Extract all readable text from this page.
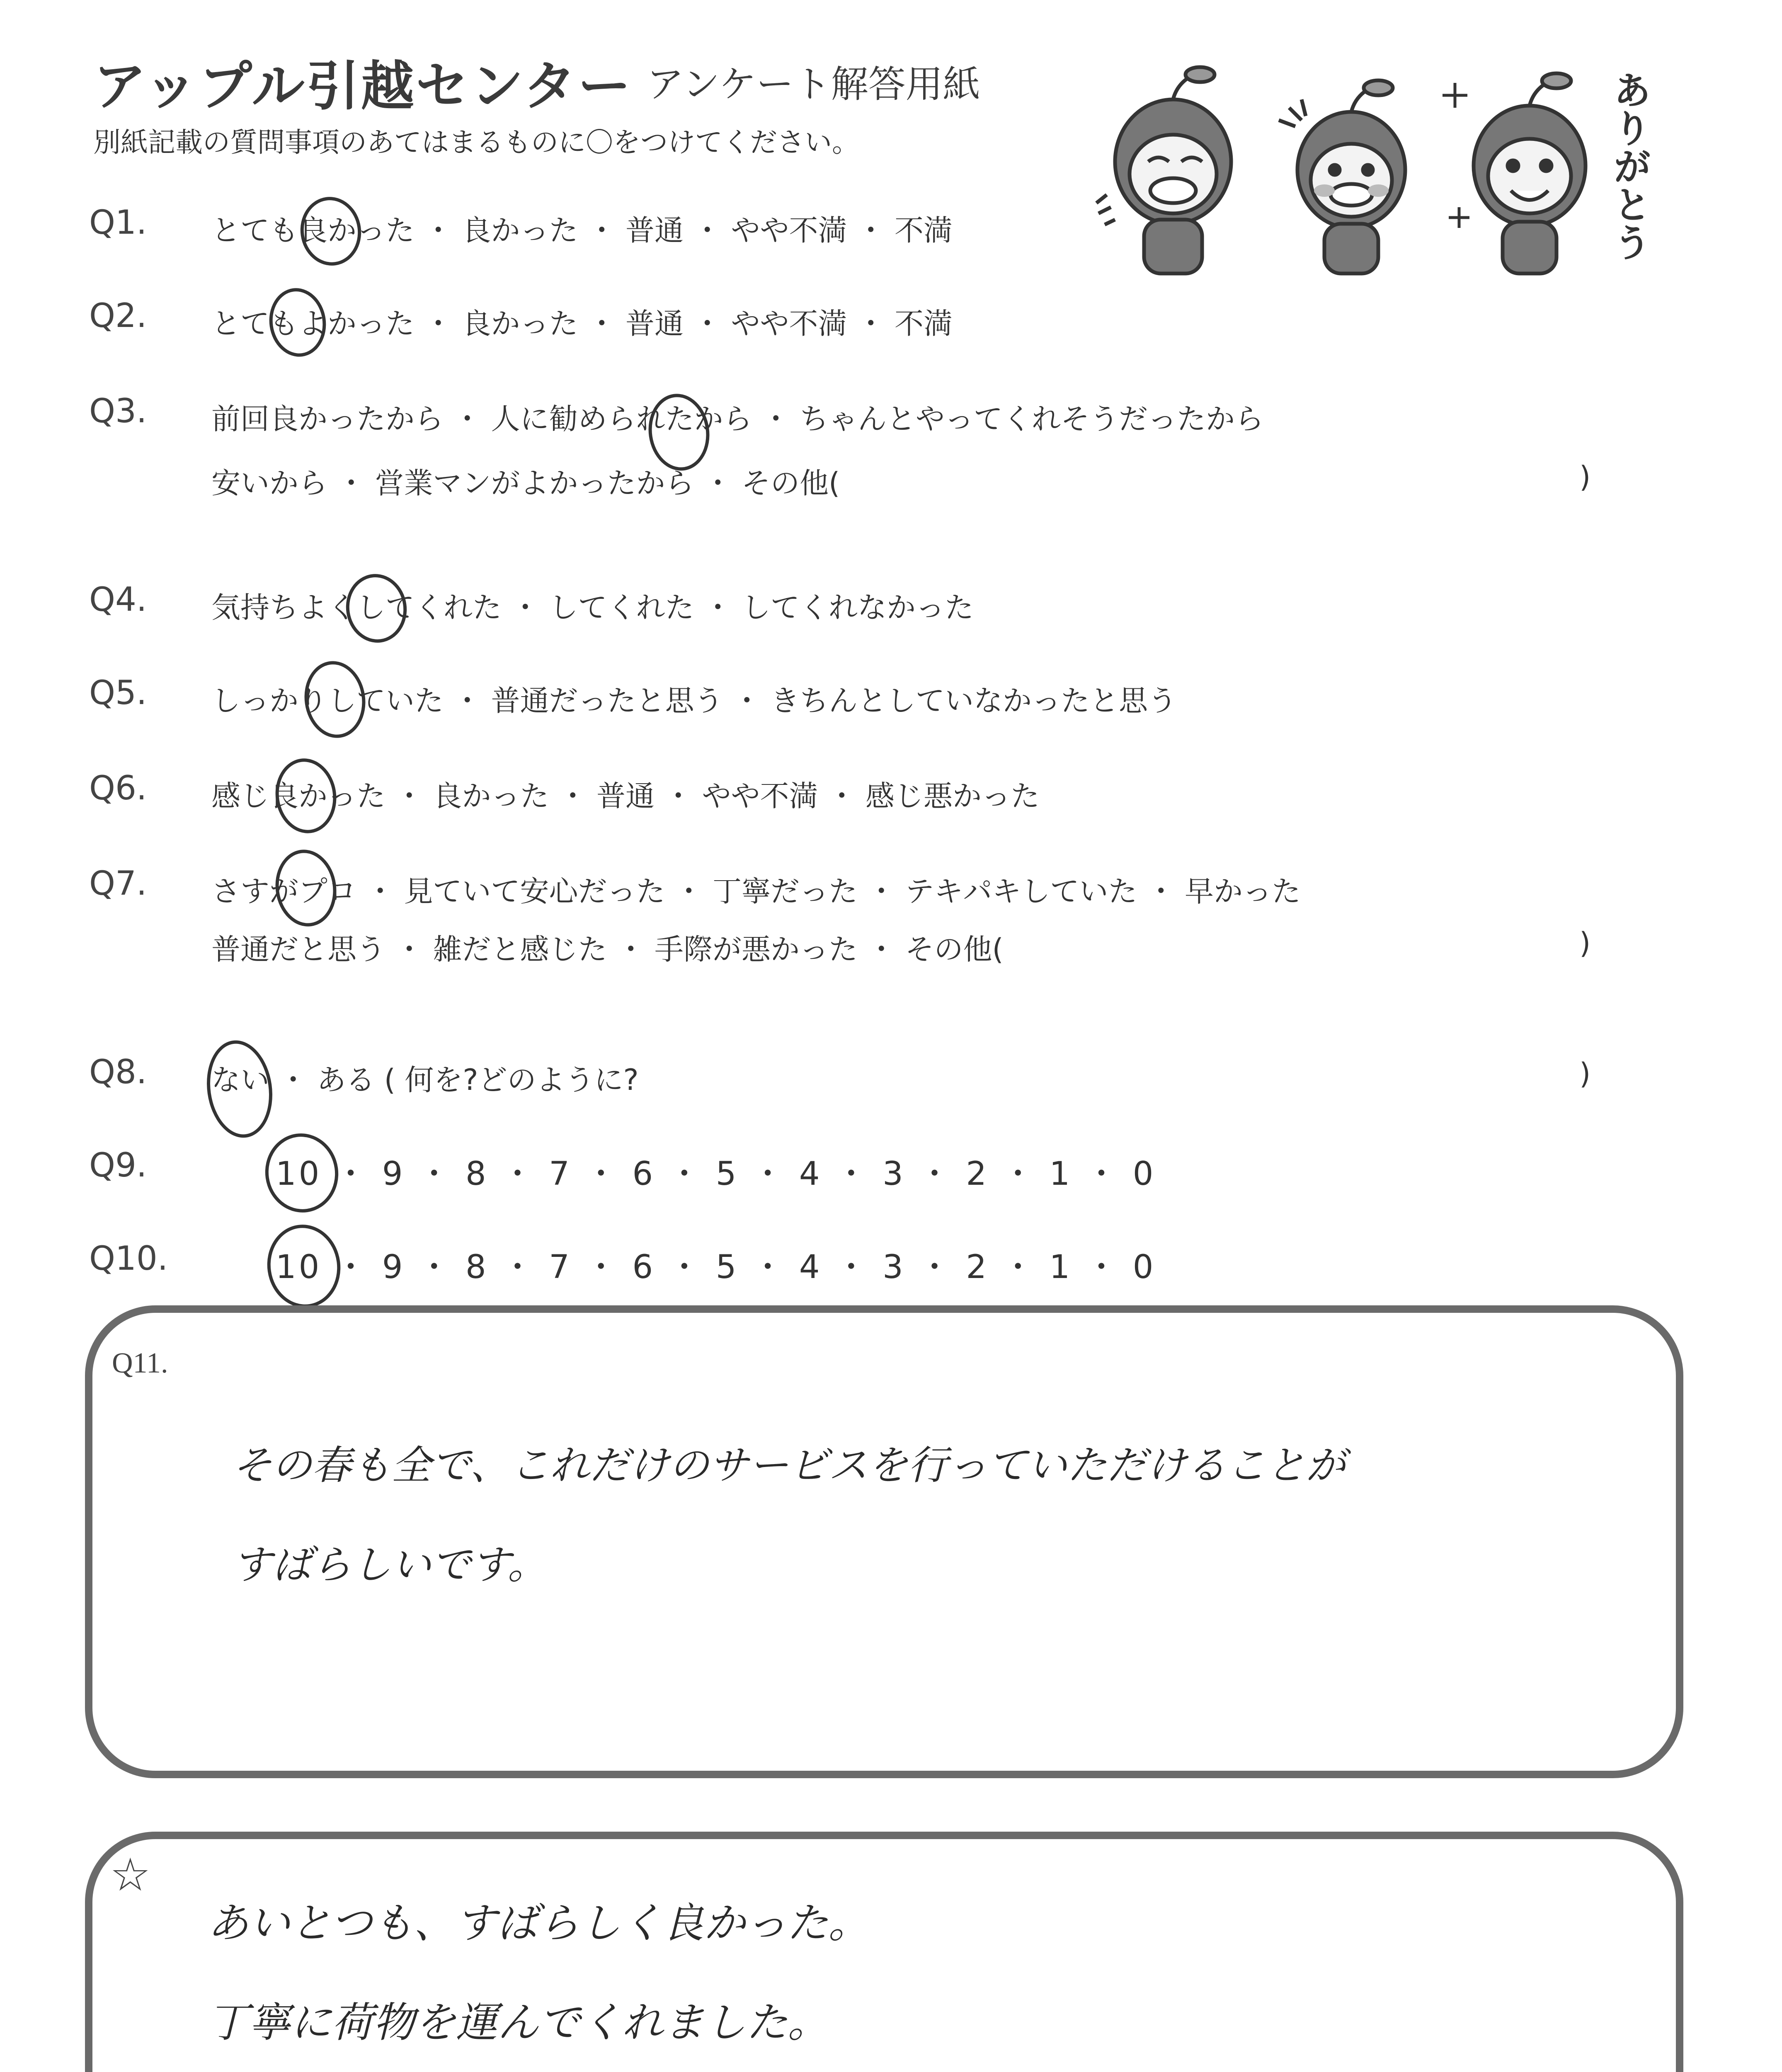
アップル引越センター アンケート解答用紙
別紙記載の質問事項のあてはまるものに〇をつけてください。	ありがとう
Q1. とても良かった ・ 良かった ・ 普通 ・ やや不満 ・ 不満
Q2. とてもよかった ・ 良かった ・ 普通 ・ やや不満 ・ 不満
Q3. 前回良かったから ・ 人に勧められたから ・ ちゃんとやってくれそうだったから
安いから ・ 営業マンがよかったから ・ その他(	)
Q4. 気持ちよくしてくれた ・ してくれた ・ してくれなかった
Q5. しっかりしていた ・ 普通だったと思う ・ きちんとしていなかったと思う
Q6. 感じ良かった ・ 良かった ・ 普通 ・ やや不満 ・ 感じ悪かった
Q7. さすがプロ ・ 見ていて安心だった ・ 丁寧だった ・ テキパキしていた ・ 早かった
普通だと思う ・ 雑だと感じた ・ 手際が悪かった ・ その他(	)
Q8. ない ・ ある ( 何を?どのように?	)
Q9.	10 ・ 9 ・ 8 ・ 7 ・ 6 ・ 5 ・ 4 ・ 3 ・ 2 ・ 1 ・ 0
Q10.	10 ・ 9 ・ 8 ・ 7 ・ 6 ・ 5 ・ 4 ・ 3 ・ 2 ・ 1 ・ 0
Q11.
その春も全で、これだけのサービスを行っていただけることが
すばらしいです。
☆
あいとつも、すばらしく良かった。
丁寧に荷物を運んでくれました。
